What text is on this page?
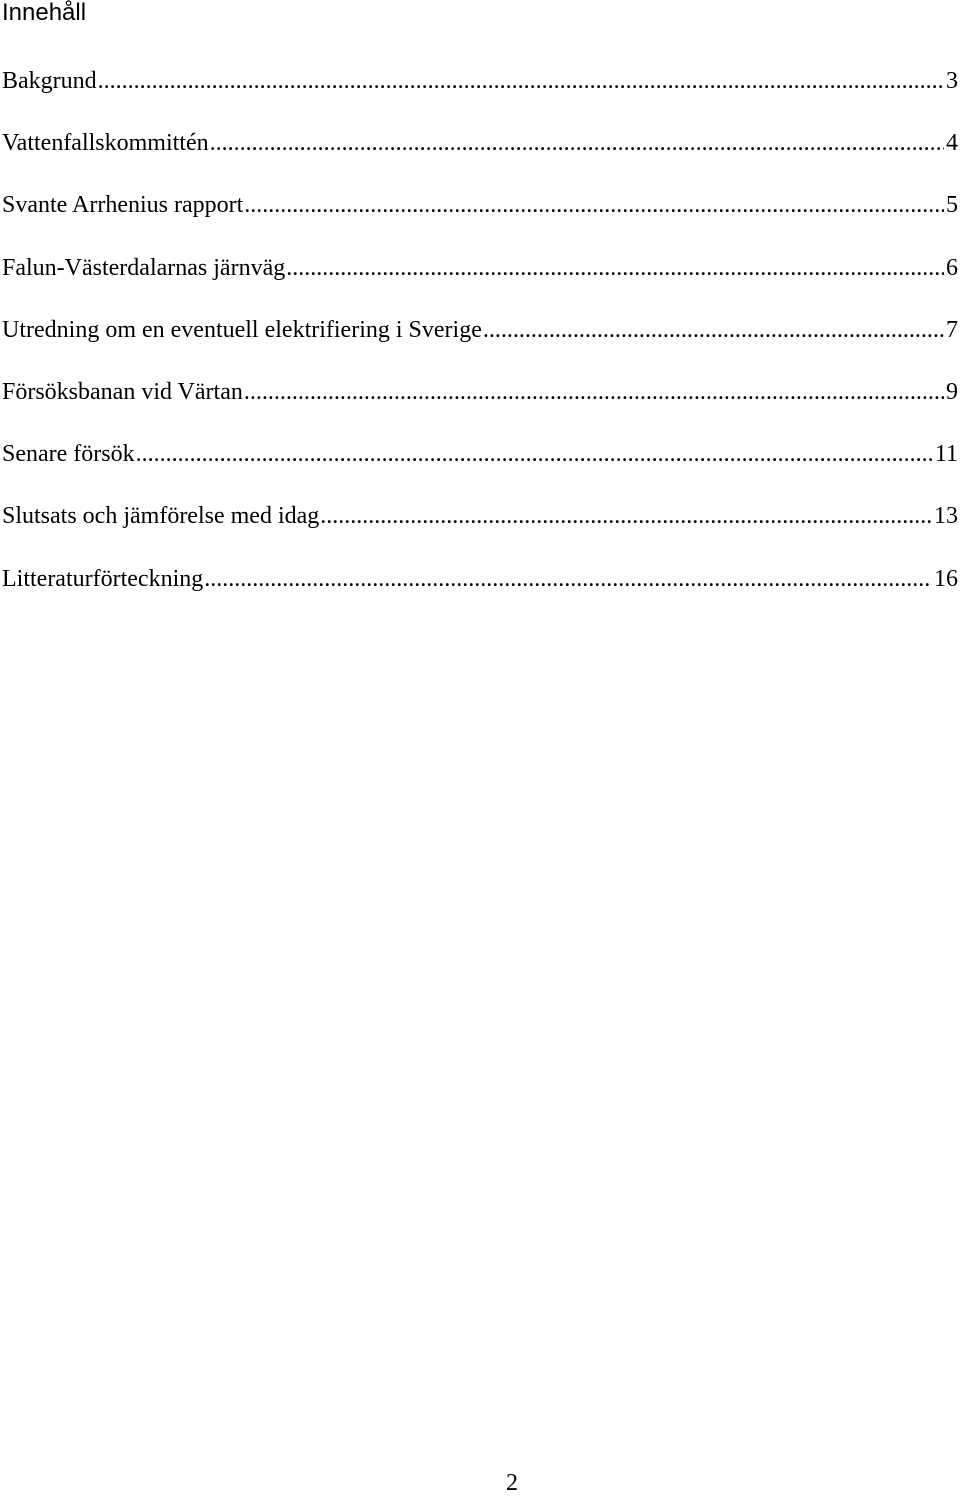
Innehåll
Bakgrund .....	3
Vattenfallskommittén .....	4
Svante Arrhenius rapport .....	5
Falun-Västerdalarnas järnväg .....	6
Utredning om en eventuell elektrifiering i Sverige .....	7
Försöksbanan vid Värtan .....	9
Senare försök .....	11
Slutsats och jämförelse med idag .....	13
Litteraturförteckning .....	16
2
